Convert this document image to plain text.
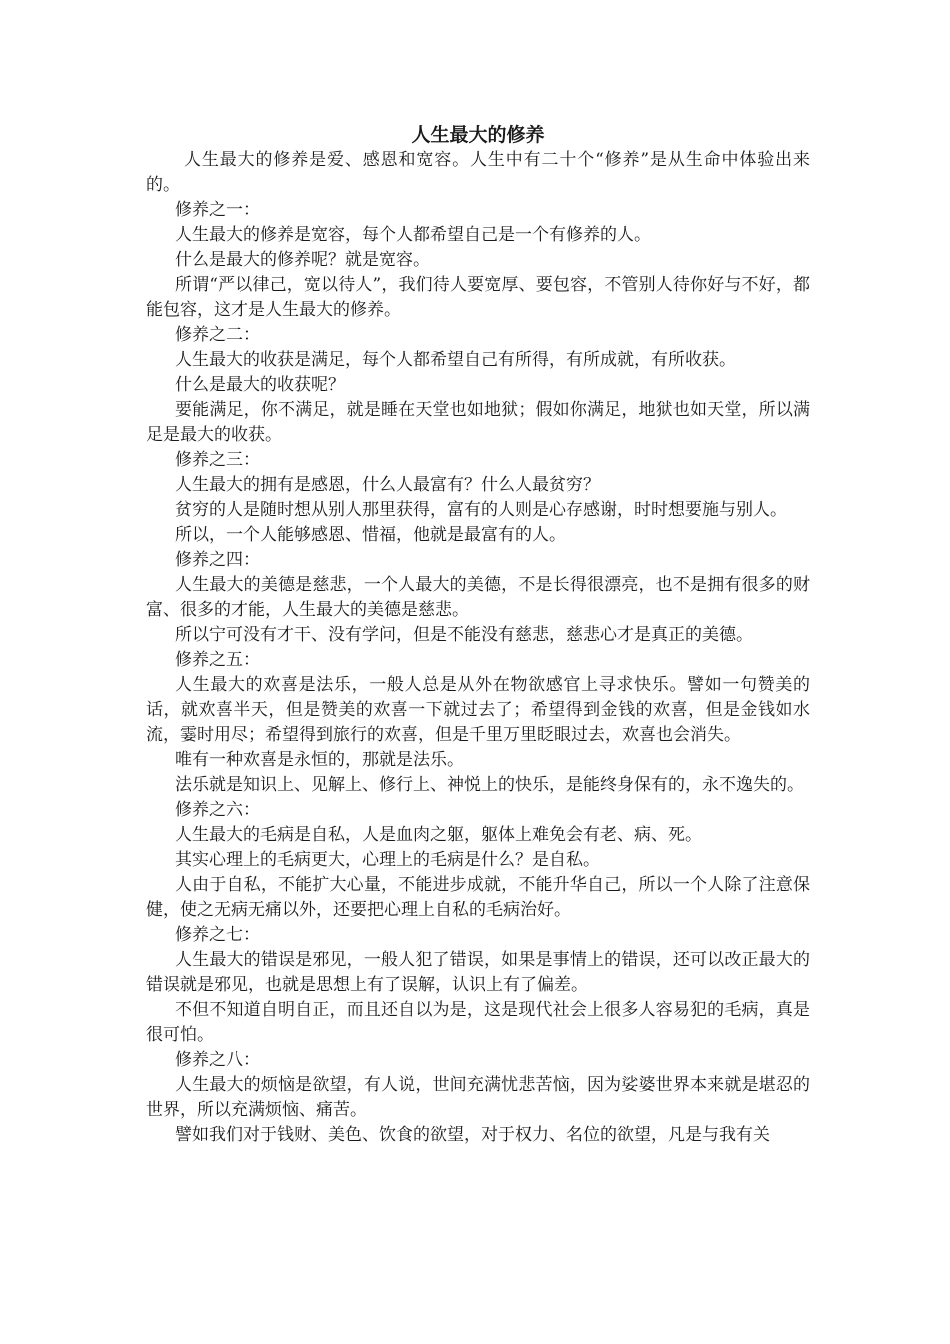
人生最大的修养

人生最大的修养是爱、感恩和宽容。人生中有二十个“修养”是从生命中体验出来的。

修养之一：

人生最大的修养是宽容，每个人都希望自己是一个有修养的人。

什么是最大的修养呢？就是宽容。

所谓“严以律己，宽以待人”，我们待人要宽厚、要包容，不管别人待你好与不好，都能包容，这才是人生最大的修养。

修养之二：

人生最大的收获是满足，每个人都希望自己有所得，有所成就，有所收获。

什么是最大的收获呢？

要能满足，你不满足，就是睡在天堂也如地狱；假如你满足，地狱也如天堂，所以满足是最大的收获。

修养之三：

人生最大的拥有是感恩，什么人最富有？什么人最贫穷？

贫穷的人是随时想从别人那里获得，富有的人则是心存感谢，时时想要施与别人。

所以，一个人能够感恩、惜福，他就是最富有的人。

修养之四：

人生最大的美德是慈悲，一个人最大的美德，不是长得很漂亮，也不是拥有很多的财富、很多的才能，人生最大的美德是慈悲。

所以宁可没有才干、没有学问，但是不能没有慈悲，慈悲心才是真正的美德。

修养之五：

人生最大的欢喜是法乐，一般人总是从外在物欲感官上寻求快乐。譬如一句赞美的话，就欢喜半天，但是赞美的欢喜一下就过去了；希望得到金钱的欢喜，但是金钱如水流，霎时用尽；希望得到旅行的欢喜，但是千里万里眨眼过去，欢喜也会消失。

唯有一种欢喜是永恒的，那就是法乐。

法乐就是知识上、见解上、修行上、神悦上的快乐，是能终身保有的，永不逸失的。

修养之六：

人生最大的毛病是自私，人是血肉之躯，躯体上难免会有老、病、死。

其实心理上的毛病更大，心理上的毛病是什么？是自私。

人由于自私，不能扩大心量，不能进步成就，不能升华自己，所以一个人除了注意保健，使之无病无痛以外，还要把心理上自私的毛病治好。

修养之七：

人生最大的错误是邪见，一般人犯了错误，如果是事情上的错误，还可以改正最大的错误就是邪见，也就是思想上有了误解，认识上有了偏差。

不但不知道自明自正，而且还自以为是，这是现代社会上很多人容易犯的毛病，真是很可怕。

修养之八：

人生最大的烦恼是欲望，有人说，世间充满忧悲苦恼，因为娑婆世界本来就是堪忍的世界，所以充满烦恼、痛苦。

譬如我们对于钱财、美色、饮食的欲望，对于权力、名位的欲望，凡是与我有关
